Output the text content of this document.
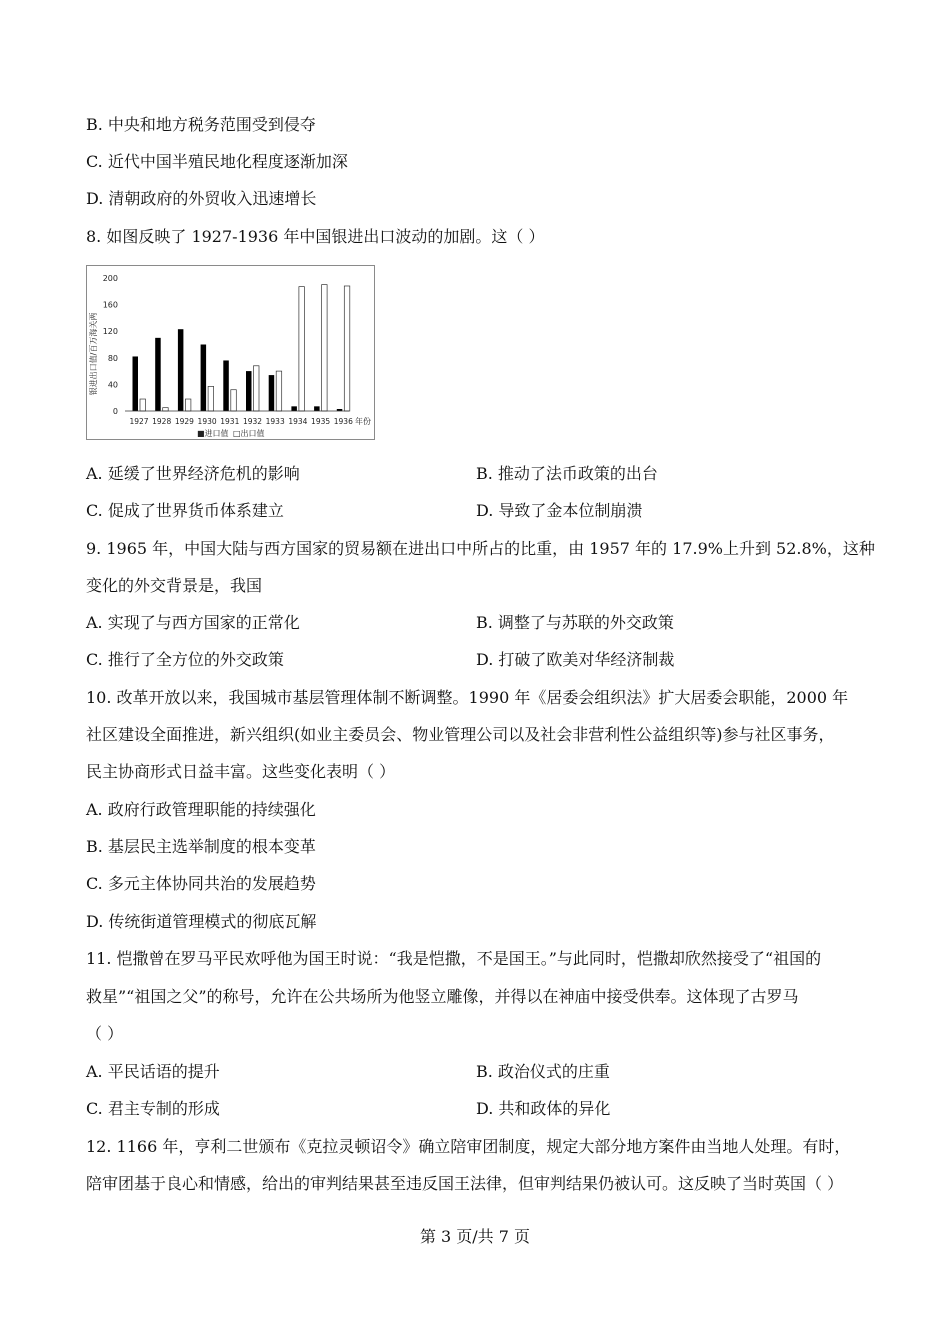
B. 中央和地方税务范围受到侵夺
C. 近代中国半殖民地化程度逐渐加深
D. 清朝政府的外贸收入迅速增长
8. 如图反映了 1927-1936 年中国银进出口波动的加剧。这（ ）
银进出口值/百万海关两
0
40
80
120
160
200
1927 1928 1929 1930 1931 1932 1933 1934 1935 1936 年份
■进口值 □出口值
A. 延缓了世界经济危机的影响	B. 推动了法币政策的出台
C. 促成了世界货币体系建立	D. 导致了金本位制崩溃
9. 1965 年，中国大陆与西方国家的贸易额在进出口中所占的比重，由 1957 年的 17.9%上升到 52.8%，这种
变化的外交背景是，我国
A. 实现了与西方国家的正常化	B. 调整了与苏联的外交政策
C. 推行了全方位的外交政策	D. 打破了欧美对华经济制裁
10. 改革开放以来，我国城市基层管理体制不断调整。1990 年《居委会组织法》扩大居委会职能，2000 年
社区建设全面推进，新兴组织(如业主委员会、物业管理公司以及社会非营利性公益组织等)参与社区事务，
民主协商形式日益丰富。这些变化表明（ ）
A. 政府行政管理职能的持续强化
B. 基层民主选举制度的根本变革
C. 多元主体协同共治的发展趋势
D. 传统街道管理模式的彻底瓦解
11. 恺撒曾在罗马平民欢呼他为国王时说：“我是恺撒，不是国王。”与此同时，恺撒却欣然接受了“祖国的
救星”“祖国之父”的称号，允许在公共场所为他竖立雕像，并得以在神庙中接受供奉。这体现了古罗马
（ ）
A. 平民话语的提升	B. 政治仪式的庄重
C. 君主专制的形成	D. 共和政体的异化
12. 1166 年，亨利二世颁布《克拉灵顿诏令》确立陪审团制度，规定大部分地方案件由当地人处理。有时，
陪审团基于良心和情感，给出的审判结果甚至违反国王法律，但审判结果仍被认可。这反映了当时英国（ ）
第 3 页/共 7 页
